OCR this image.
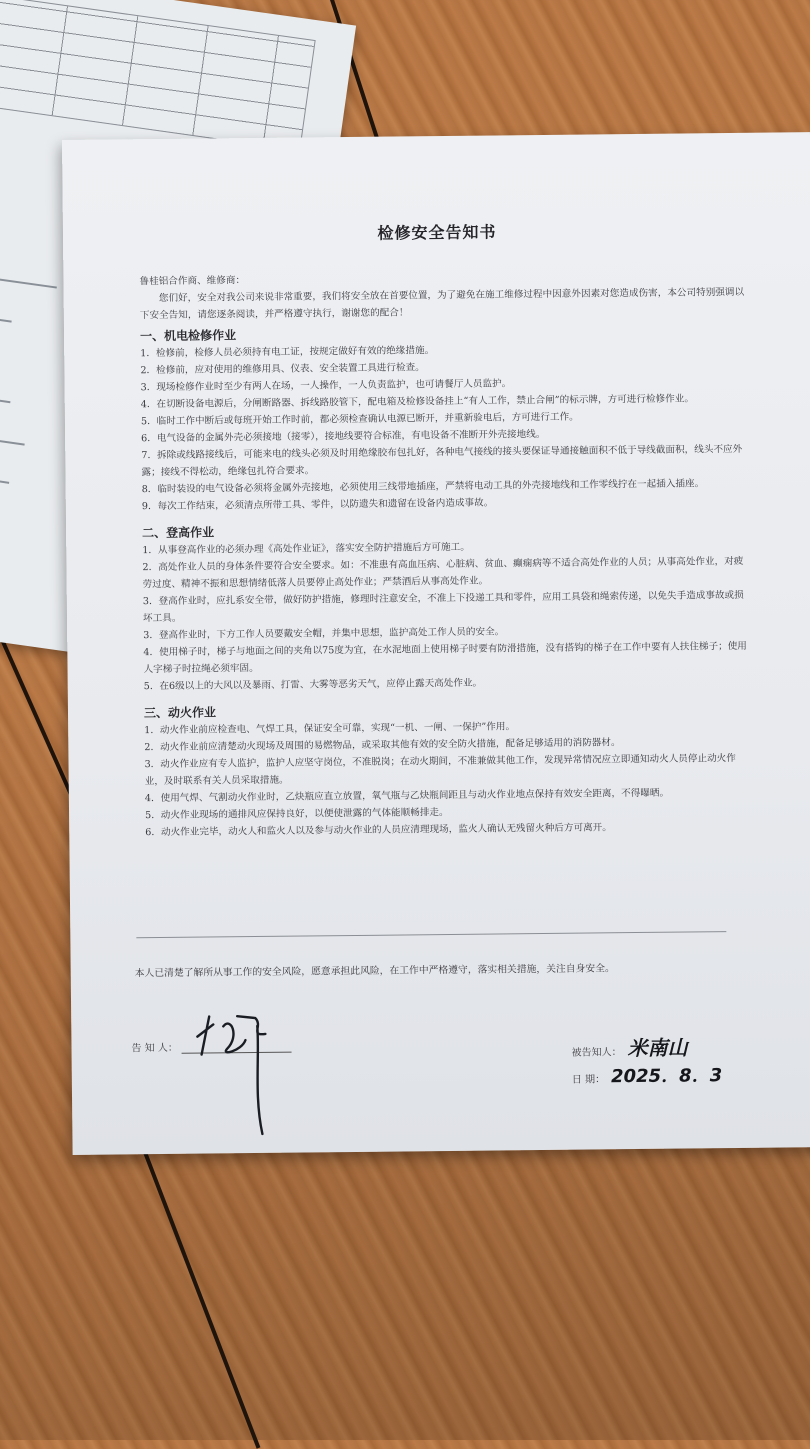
检修安全告知书
鲁桂铝合作商、维修商：
您们好，安全对我公司来说非常重要，我们将安全放在首要位置，为了避免在施工维修过程中因意外因素对您造成伤害，本公司特别强调以下安全告知，请您逐条阅读，并严格遵守执行，谢谢您的配合！
一、机电检修作业
1．检修前，检修人员必须持有电工证，按规定做好有效的绝缘措施。
2．检修前，应对使用的维修用具、仪表、安全装置工具进行检查。
3．现场检修作业时至少有两人在场，一人操作，一人负责监护，也可请餐厅人员监护。
4．在切断设备电源后，分闸断路器、拆线路胶管下，配电箱及检修设备挂上“有人工作，禁止合闸”的标示牌，方可进行检修作业。
5．临时工作中断后或每班开始工作时前，都必须检查确认电源已断开，并重新验电后，方可进行工作。
6．电气设备的金属外壳必须接地（接零），接地线要符合标准，有电设备不准断开外壳接地线。
7．拆除或线路接线后，可能来电的线头必须及时用绝缘胶布包扎好，各种电气接线的接头要保证导通接触面积不低于导线截面积，线头不应外露；接线不得松动，绝缘包扎符合要求。
8．临时装设的电气设备必须将金属外壳接地，必须使用三线带地插座，严禁将电动工具的外壳接地线和工作零线拧在一起插入插座。
9．每次工作结束，必须清点所带工具、零件，以防遗失和遗留在设备内造成事故。
二、登高作业
1．从事登高作业的必须办理《高处作业证》，落实安全防护措施后方可施工。
2．高处作业人员的身体条件要符合安全要求。如：不准患有高血压病、心脏病、贫血、癫痫病等不适合高处作业的人员；从事高处作业，对疲劳过度、精神不振和思想情绪低落人员要停止高处作业；严禁酒后从事高处作业。
3．登高作业时，应扎系安全带，做好防护措施，修理时注意安全，不准上下投递工具和零件，应用工具袋和绳索传递，以免失手造成事故或损坏工具。
3．登高作业时，下方工作人员要戴安全帽，并集中思想，监护高处工作人员的安全。
4．使用梯子时，梯子与地面之间的夹角以75度为宜，在水泥地面上使用梯子时要有防滑措施，没有搭钩的梯子在工作中要有人扶住梯子；使用人字梯子时拉绳必须牢固。
5．在6级以上的大风以及暴雨、打雷、大雾等恶劣天气，应停止露天高处作业。
三、动火作业
1．动火作业前应检查电、气焊工具，保证安全可靠，实现“一机、一闸、一保护”作用。
2．动火作业前应清楚动火现场及周围的易燃物品，或采取其他有效的安全防火措施，配备足够适用的消防器材。
3．动火作业应有专人监护，监护人应坚守岗位，不准脱岗；在动火期间，不准兼做其他工作，发现异常情况应立即通知动火人员停止动火作业，及时联系有关人员采取措施。
4．使用气焊、气割动火作业时，乙炔瓶应直立放置，氧气瓶与乙炔瓶间距且与动火作业地点保持有效安全距离，不得曝晒。
5．动火作业现场的通排风应保持良好，以便使泄露的气体能顺畅排走。
6．动火作业完毕，动火人和监火人以及参与动火作业的人员应清理现场，监火人确认无残留火种后方可离开。
本人已清楚了解所从事工作的安全风险，愿意承担此风险，在工作中严格遵守，落实相关措施，关注自身安全。
告 知 人：	被告知人： 米南山
日 期： 2025．8．3
